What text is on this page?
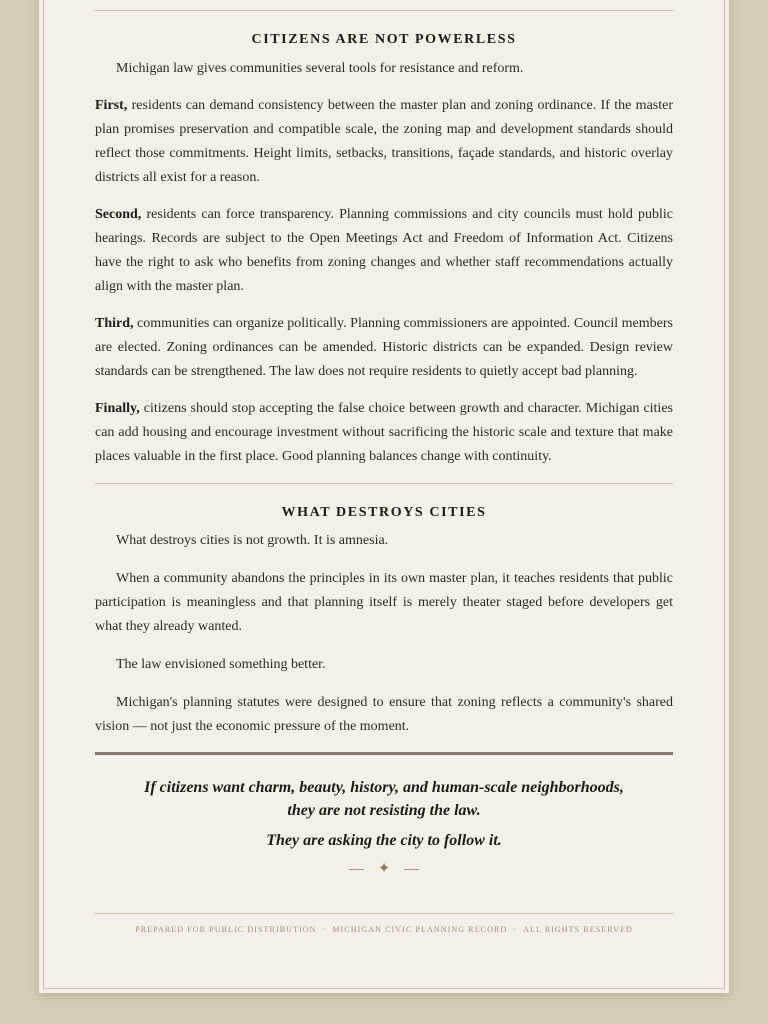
CITIZENS ARE NOT POWERLESS

Michigan law gives communities several tools for resistance and reform.

First, residents can demand consistency between the master plan and zoning ordinance. If the master plan promises preservation and compatible scale, the zoning map and development standards should reflect those commitments. Height limits, setbacks, transitions, façade standards, and historic overlay districts all exist for a reason.

Second, residents can force transparency. Planning commissions and city councils must hold public hearings. Records are subject to the Open Meetings Act and Freedom of Information Act. Citizens have the right to ask who benefits from zoning changes and whether staff recommendations actually align with the master plan.

Third, communities can organize politically. Planning commissioners are appointed. Council members are elected. Zoning ordinances can be amended. Historic districts can be expanded. Design review standards can be strengthened. The law does not require residents to quietly accept bad planning.

Finally, citizens should stop accepting the false choice between growth and character. Michigan cities can add housing and encourage investment without sacrificing the historic scale and texture that make places valuable in the first place. Good planning balances change with continuity.

WHAT DESTROYS CITIES

What destroys cities is not growth. It is amnesia.

When a community abandons the principles in its own master plan, it teaches residents that public participation is meaningless and that planning itself is merely theater staged before developers get what they already wanted.

The law envisioned something better.

Michigan's planning statutes were designed to ensure that zoning reflects a community's shared vision — not just the economic pressure of the moment.

If citizens want charm, beauty, history, and human-scale neighborhoods,
they are not resisting the law.
They are asking the city to follow it.
✦
PREPARED FOR PUBLIC DISTRIBUTION · MICHIGAN CIVIC PLANNING RECORD · ALL RIGHTS RESERVED
